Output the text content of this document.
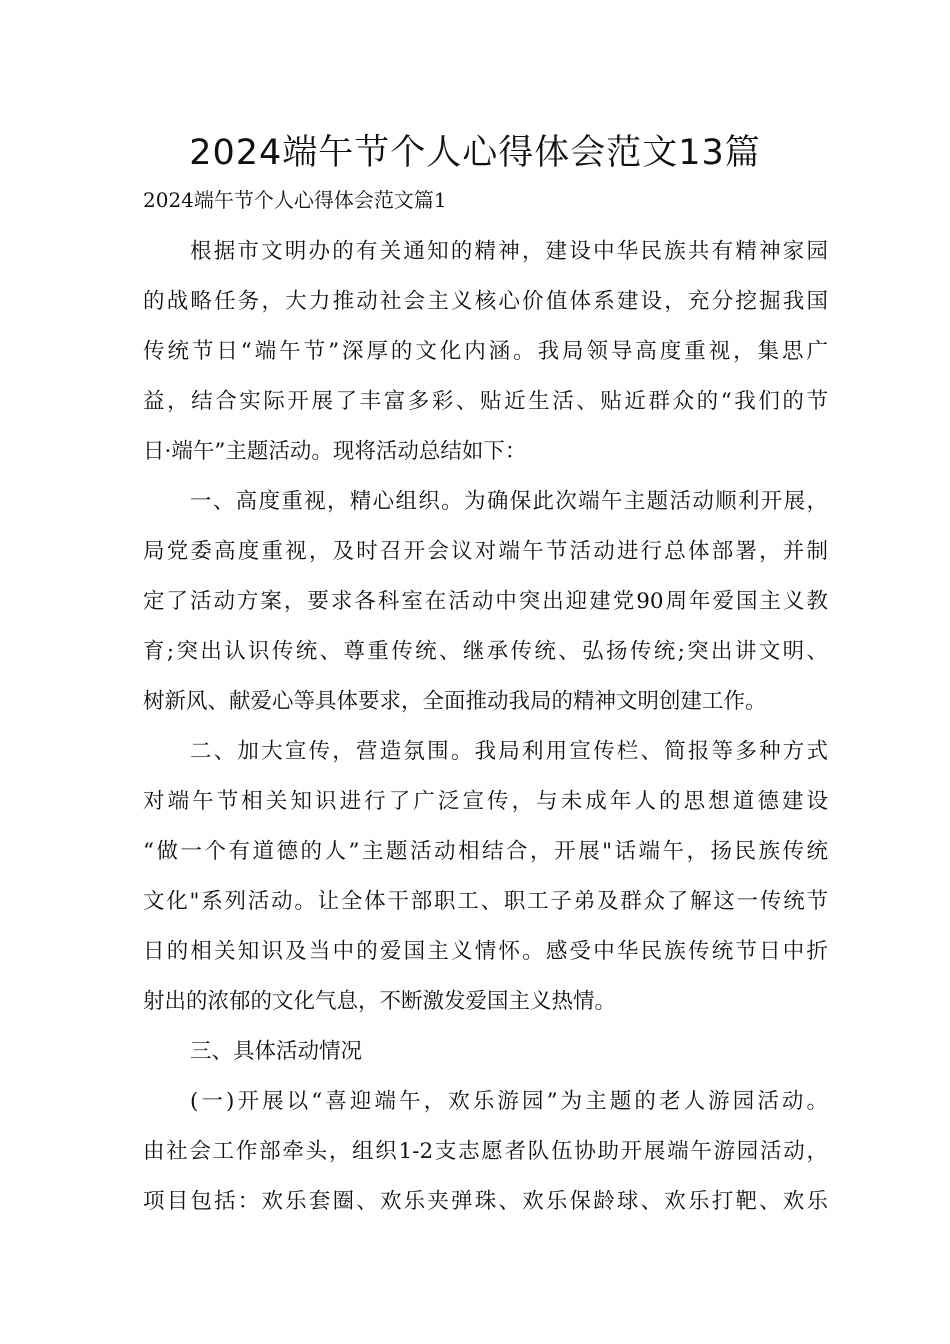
2024端午节个人心得体会范文13篇

2024端午节个人心得体会范文篇1

根据市文明办的有关通知的精神，建设中华民族共有精神家园

的战略任务，大力推动社会主义核心价值体系建设，充分挖掘我国

传统节日“端午节”深厚的文化内涵。我局领导高度重视，集思广

益，结合实际开展了丰富多彩、贴近生活、贴近群众的“我们的节

日·端午”主题活动。现将活动总结如下：

一、高度重视，精心组织。为确保此次端午主题活动顺利开展，

局党委高度重视，及时召开会议对端午节活动进行总体部署，并制

定了活动方案，要求各科室在活动中突出迎建党90周年爱国主义教

育;突出认识传统、尊重传统、继承传统、弘扬传统;突出讲文明、

树新风、献爱心等具体要求，全面推动我局的精神文明创建工作。

二、加大宣传，营造氛围。我局利用宣传栏、简报等多种方式

对端午节相关知识进行了广泛宣传，与未成年人的思想道德建设

“做一个有道德的人”主题活动相结合，开展"话端午，扬民族传统

文化"系列活动。让全体干部职工、职工子弟及群众了解这一传统节

日的相关知识及当中的爱国主义情怀。感受中华民族传统节日中折

射出的浓郁的文化气息，不断激发爱国主义热情。

三、具体活动情况

(一)开展以“喜迎端午，欢乐游园”为主题的老人游园活动。

由社会工作部牵头，组织1-2支志愿者队伍协助开展端午游园活动，

项目包括：欢乐套圈、欢乐夹弹珠、欢乐保龄球、欢乐打靶、欢乐
